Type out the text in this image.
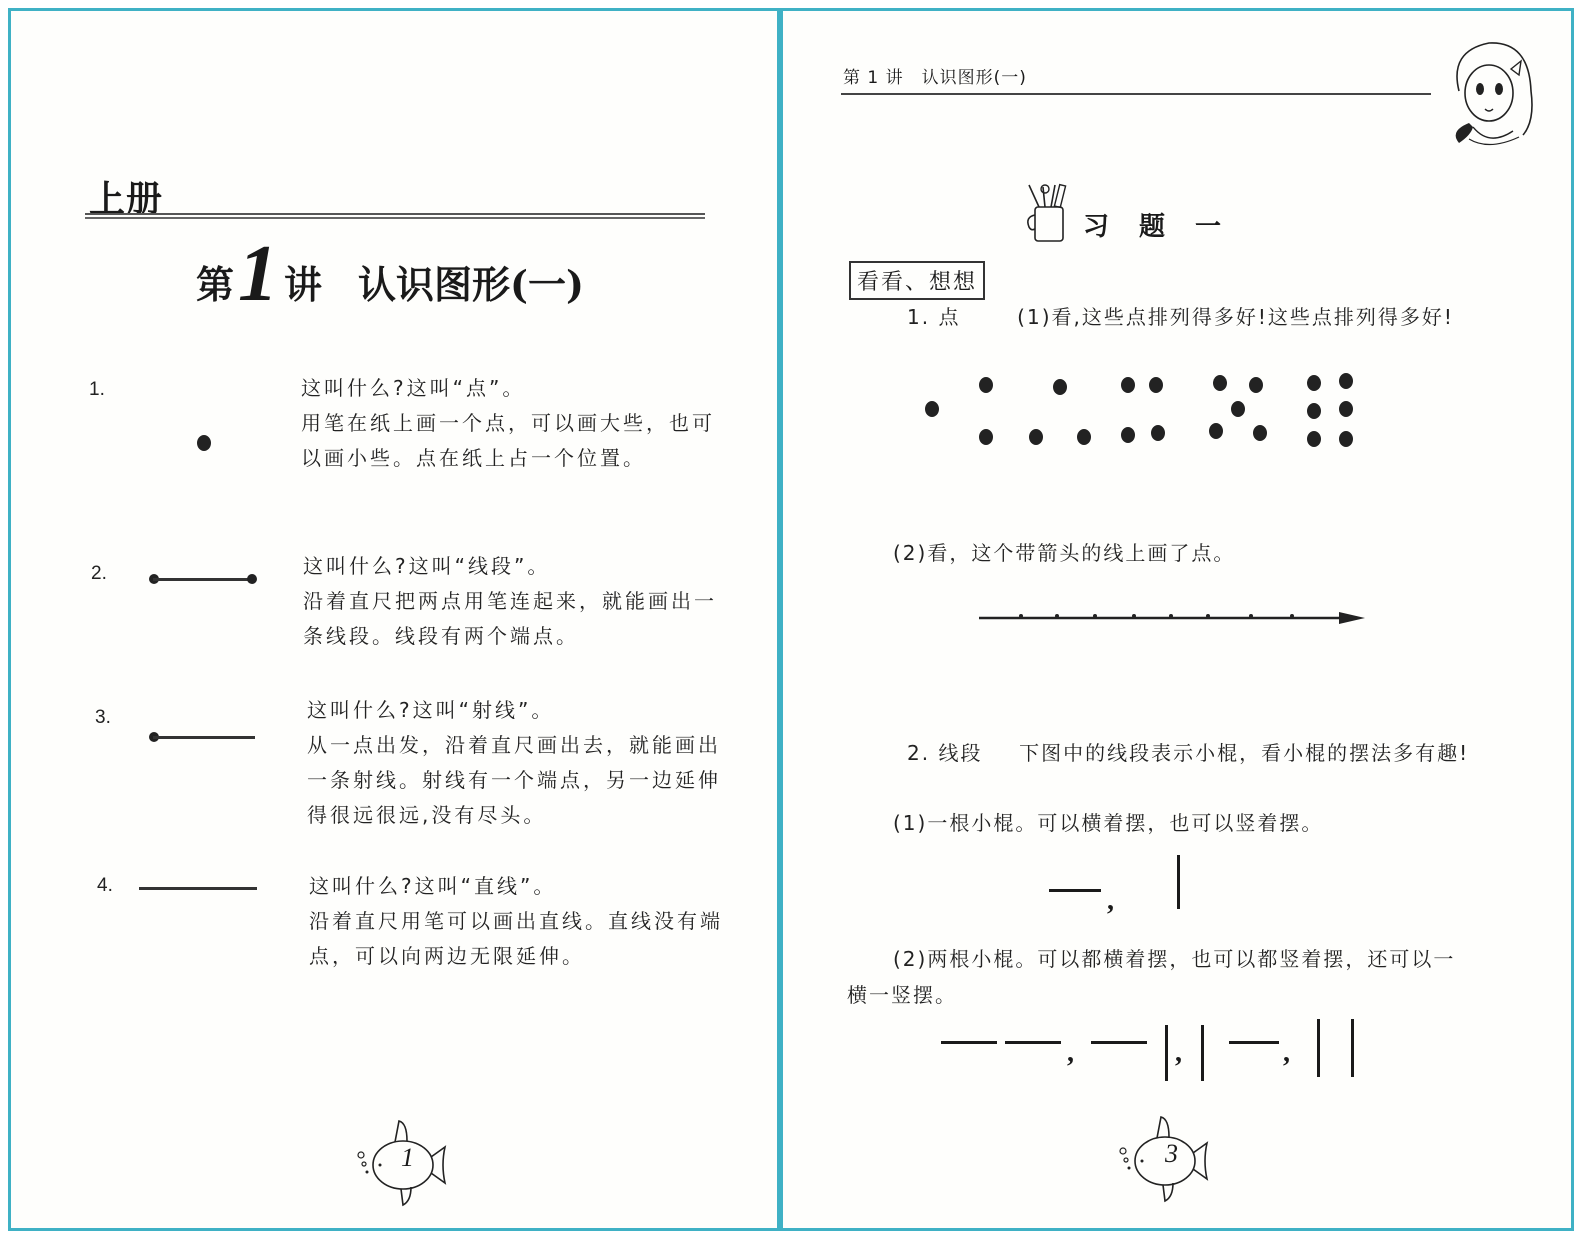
上册
第 1 讲 认识图形(一)
1.	这叫什么?这叫“点”。
用笔在纸上画一个点，可以画大些，也可以画小些。点在纸上占一个位置。
2.	这叫什么?这叫“线段”。
沿着直尺把两点用笔连起来，就能画出一条线段。线段有两个端点。
3.	这叫什么?这叫“射线”。
从一点出发，沿着直尺画出去，就能画出一条射线。射线有一个端点，另一边延伸得很远很远,没有尽头。
4.	这叫什么?这叫“直线”。
沿着直尺用笔可以画出直线。直线没有端点，可以向两边无限延伸。
1
第 1 讲　认识图形(一)
习题一
看看、想想
1. 点	(1)看,这些点排列得多好!这些点排列得多好!
(2)看，这个带箭头的线上画了点。
2. 线段 下图中的线段表示小棍，看小棍的摆法多有趣!
(1)一根小棍。可以横着摆，也可以竖着摆。
,
(2)两根小棍。可以都横着摆，也可以都竖着摆，还可以一横一竖摆。
,	,	,
3
